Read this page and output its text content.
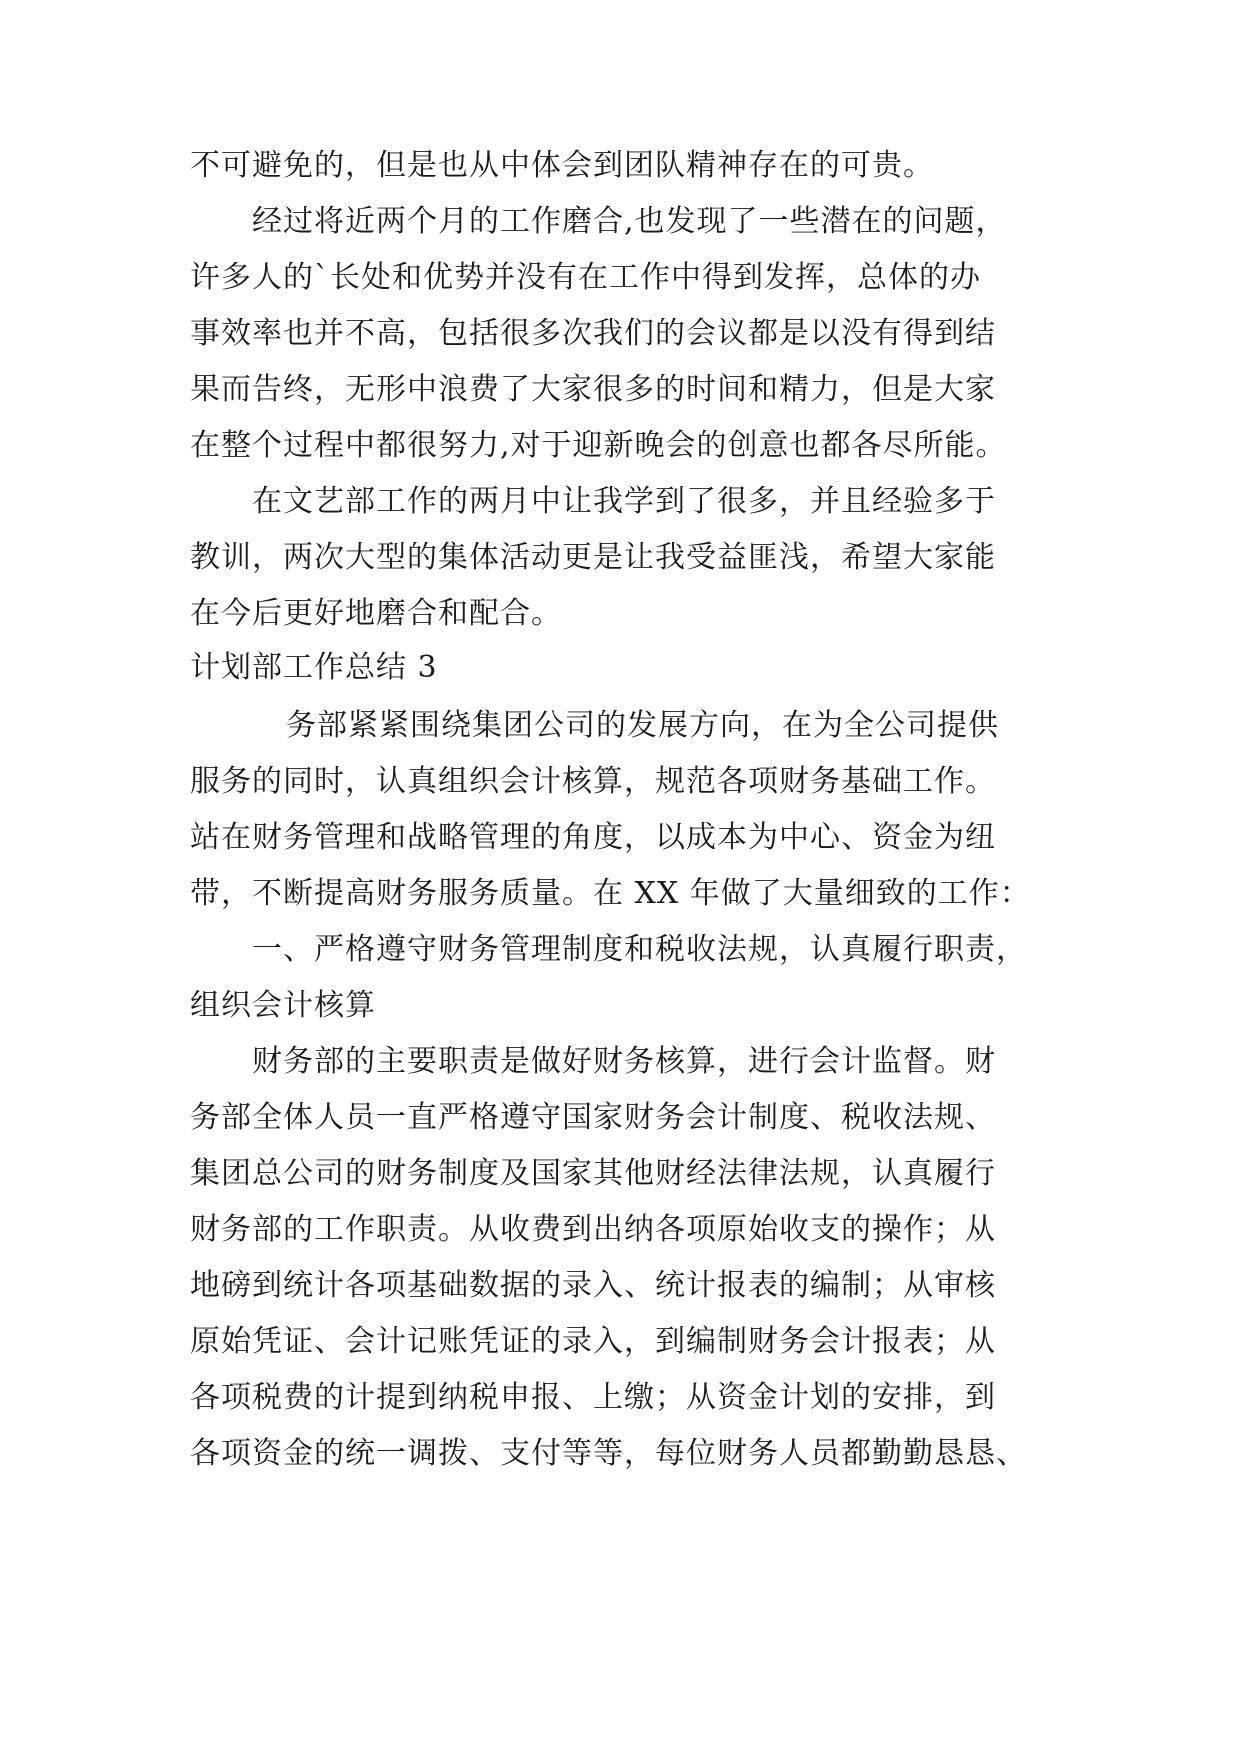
不可避免的，但是也从中体会到团队精神存在的可贵。
经过将近两个月的工作磨合,也发现了一些潜在的问题，
许多人的`长处和优势并没有在工作中得到发挥，总体的办
事效率也并不高，包括很多次我们的会议都是以没有得到结
果而告终，无形中浪费了大家很多的时间和精力，但是大家
在整个过程中都很努力,对于迎新晚会的创意也都各尽所能。
在文艺部工作的两月中让我学到了很多，并且经验多于
教训，两次大型的集体活动更是让我受益匪浅，希望大家能
在今后更好地磨合和配合。
计划部工作总结 3
务部紧紧围绕集团公司的发展方向，在为全公司提供
服务的同时，认真组织会计核算，规范各项财务基础工作。
站在财务管理和战略管理的角度，以成本为中心、资金为纽
带，不断提高财务服务质量。在 XX 年做了大量细致的工作：
一、严格遵守财务管理制度和税收法规，认真履行职责，
组织会计核算
财务部的主要职责是做好财务核算，进行会计监督。财
务部全体人员一直严格遵守国家财务会计制度、税收法规、
集团总公司的财务制度及国家其他财经法律法规，认真履行
财务部的工作职责。从收费到出纳各项原始收支的操作；从
地磅到统计各项基础数据的录入、统计报表的编制；从审核
原始凭证、会计记账凭证的录入，到编制财务会计报表；从
各项税费的计提到纳税申报、上缴；从资金计划的安排，到
各项资金的统一调拨、支付等等，每位财务人员都勤勤恳恳、
